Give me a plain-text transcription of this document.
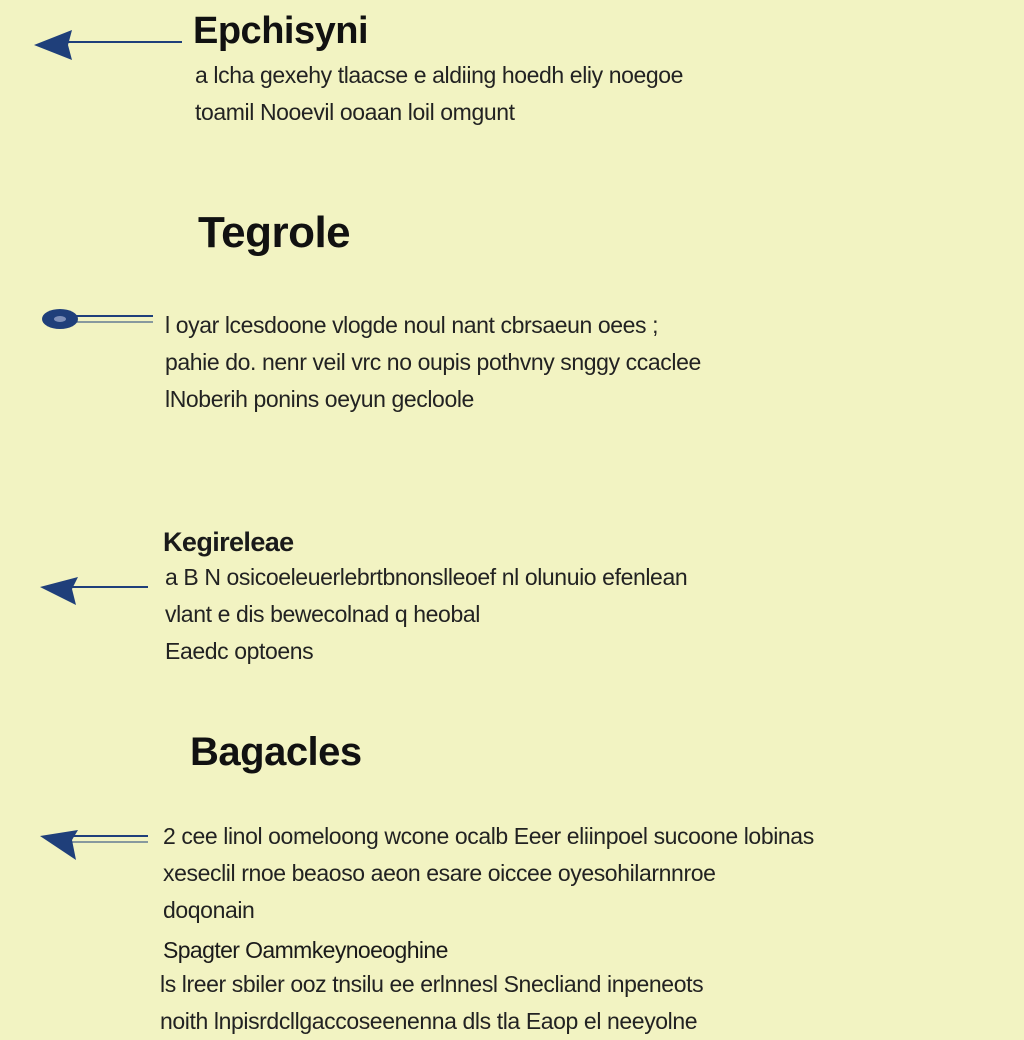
Epchisyni
a lcha gexehy tlaacse e aldiing hoedh eliy noegoe
toamil Nooevil ooaan loil omgunt
Tegrole
l oyar lcesdoone vlogde noul nant cbrsaeun oees ;
pahie do. nenr veil vrc no oupis pothvny snggy ccaclee
lNoberih ponins oeyun gecloole
Kegireleae
a B N osicoeleuerlebrtbnonslleoef nl olunuio efenlean
vlant e dis bewecolnad q heobal
Eaedc optoens
Bagacles
2 cee linol oomeloong wcone ocalb Eeer eliinpoel sucoone lobinas
xeseclil rnoe beaoso aeon esare oiccee oyesohilarnnroe
doqonain
Spagter Oammkeynoeoghine
ls lreer sbiler ooz tnsilu ee erlnnesl Snecliand inpeneots
noith lnpisrdcllgaccoseenenna dls tla Eaop el neeyolne
